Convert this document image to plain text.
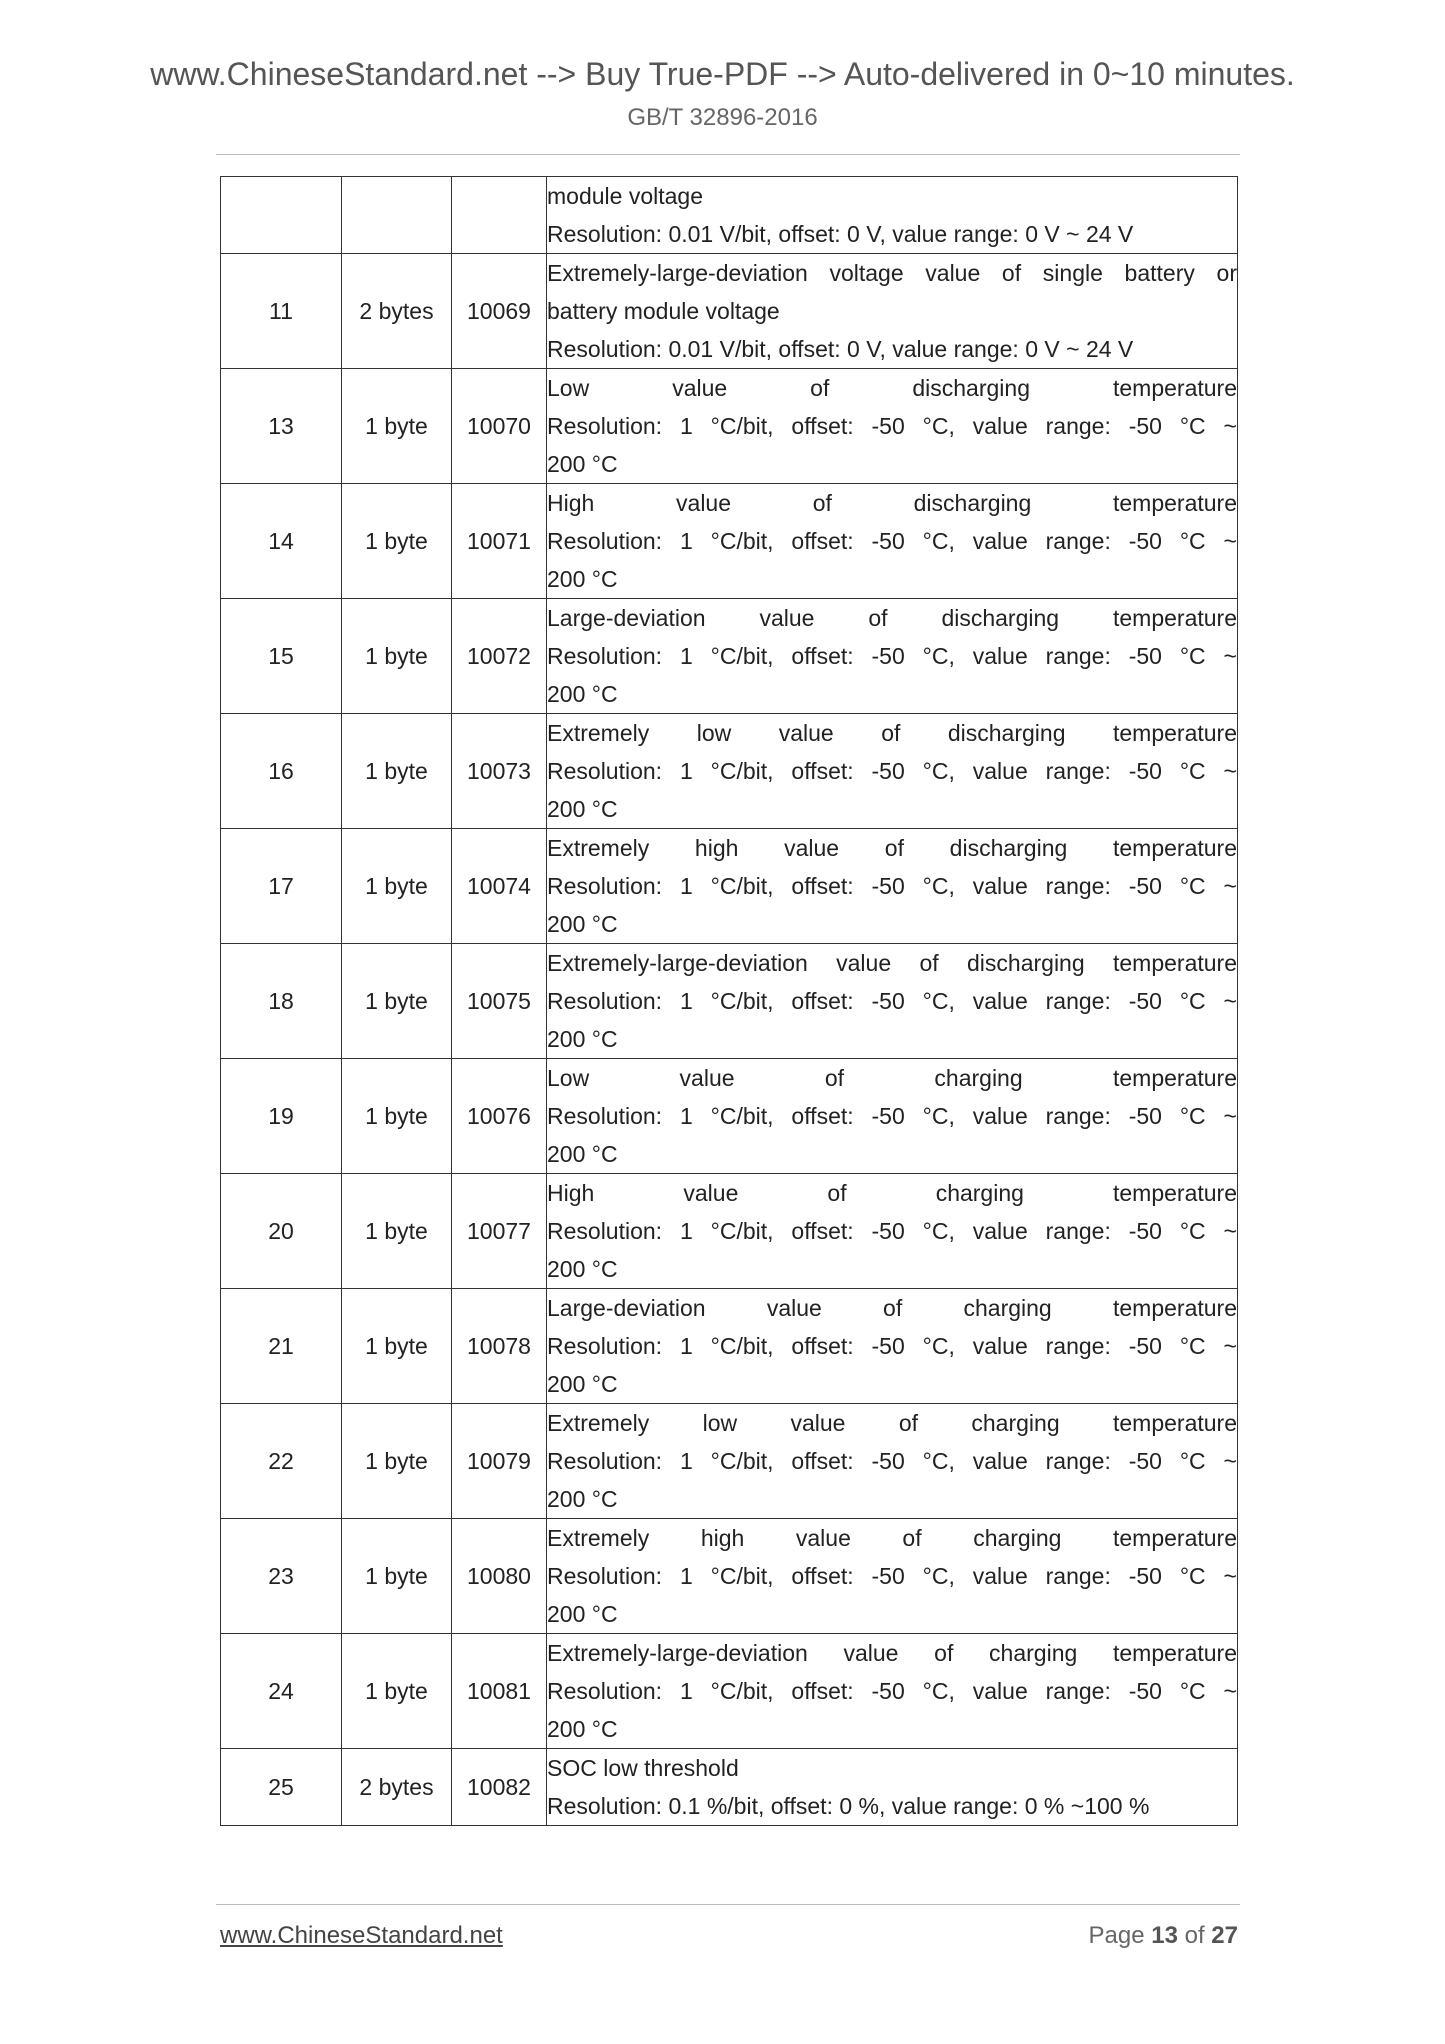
www.ChineseStandard.net --> Buy True-PDF --> Auto-delivered in 0~10 minutes.
GB/T 32896-2016

			module voltage
Resolution: 0.01 V/bit, offset: 0 V, value range: 0 V ~ 24 V

11	2 bytes	10069	Extremely-large-deviation voltage value of single battery or
battery module voltage
Resolution: 0.01 V/bit, offset: 0 V, value range: 0 V ~ 24 V

13	1 byte	10070	Low value of discharging temperature
Resolution: 1 °C/bit, offset: -50 °C, value range: -50 °C ~
200 °C

14	1 byte	10071	High value of discharging temperature
Resolution: 1 °C/bit, offset: -50 °C, value range: -50 °C ~
200 °C

15	1 byte	10072	Large-deviation value of discharging temperature
Resolution: 1 °C/bit, offset: -50 °C, value range: -50 °C ~
200 °C

16	1 byte	10073	Extremely low value of discharging temperature
Resolution: 1 °C/bit, offset: -50 °C, value range: -50 °C ~
200 °C

17	1 byte	10074	Extremely high value of discharging temperature
Resolution: 1 °C/bit, offset: -50 °C, value range: -50 °C ~
200 °C

18	1 byte	10075	Extremely-large-deviation value of discharging temperature
Resolution: 1 °C/bit, offset: -50 °C, value range: -50 °C ~
200 °C

19	1 byte	10076	Low value of charging temperature
Resolution: 1 °C/bit, offset: -50 °C, value range: -50 °C ~
200 °C

20	1 byte	10077	High value of charging temperature
Resolution: 1 °C/bit, offset: -50 °C, value range: -50 °C ~
200 °C

21	1 byte	10078	Large-deviation value of charging temperature
Resolution: 1 °C/bit, offset: -50 °C, value range: -50 °C ~
200 °C

22	1 byte	10079	Extremely low value of charging temperature
Resolution: 1 °C/bit, offset: -50 °C, value range: -50 °C ~
200 °C

23	1 byte	10080	Extremely high value of charging temperature
Resolution: 1 °C/bit, offset: -50 °C, value range: -50 °C ~
200 °C

24	1 byte	10081	Extremely-large-deviation value of charging temperature
Resolution: 1 °C/bit, offset: -50 °C, value range: -50 °C ~
200 °C

25	2 bytes	10082	SOC low threshold
Resolution: 0.1 %/bit, offset: 0 %, value range: 0 % ~100 %
www.ChineseStandard.net	Page 13 of 27
